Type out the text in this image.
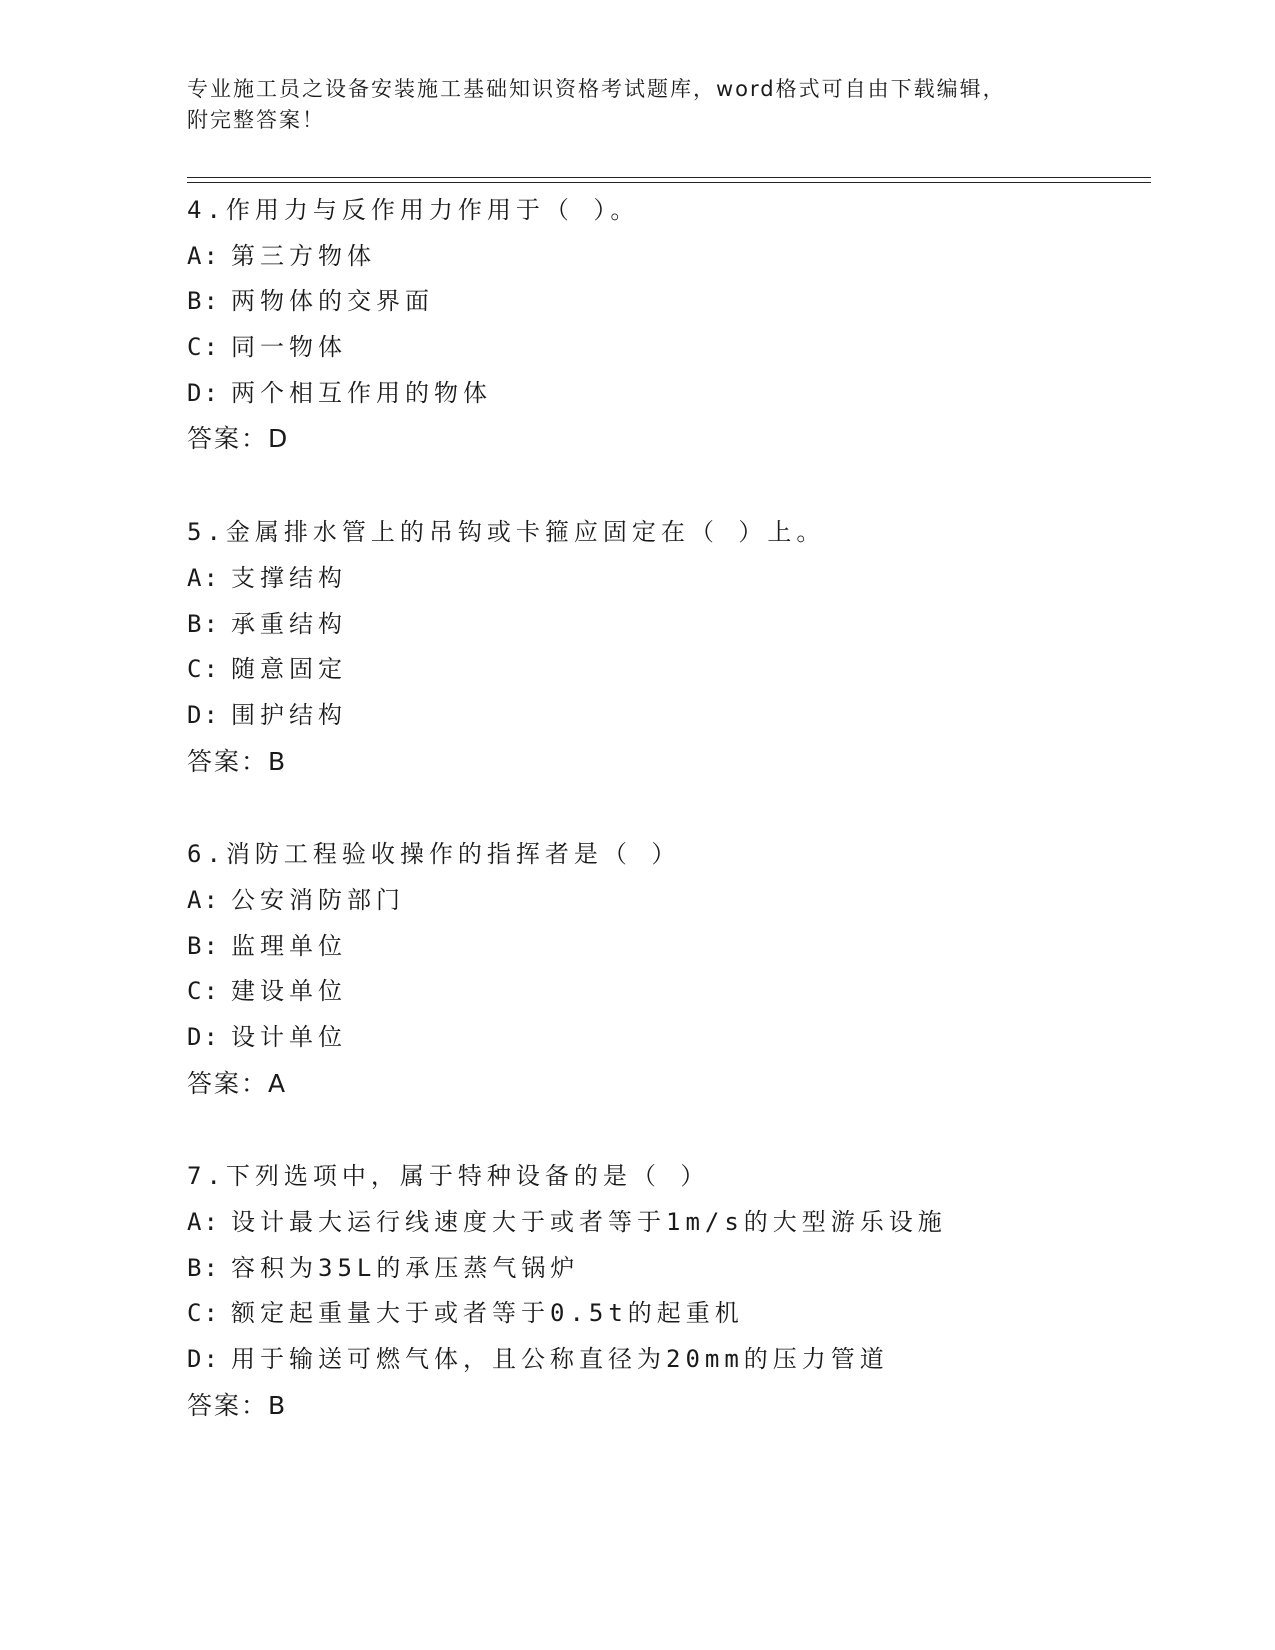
专业施工员之设备安装施工基础知识资格考试题库，word格式可自由下载编辑，
附完整答案！
4.作用力与反作用力作用于（ ）。
A: 第三方物体
B: 两物体的交界面
C: 同一物体
D: 两个相互作用的物体
答案：D
5.金属排水管上的吊钩或卡箍应固定在（ ）上。
A: 支撑结构
B: 承重结构
C: 随意固定
D: 围护结构
答案：B
6.消防工程验收操作的指挥者是（ ）
A: 公安消防部门
B: 监理单位
C: 建设单位
D: 设计单位
答案：A
7.下列选项中，属于特种设备的是（ ）
A: 设计最大运行线速度大于或者等于1m/s的大型游乐设施
B: 容积为35L的承压蒸气锅炉
C: 额定起重量大于或者等于0.5t的起重机
D: 用于输送可燃气体，且公称直径为20mm的压力管道
答案：B
